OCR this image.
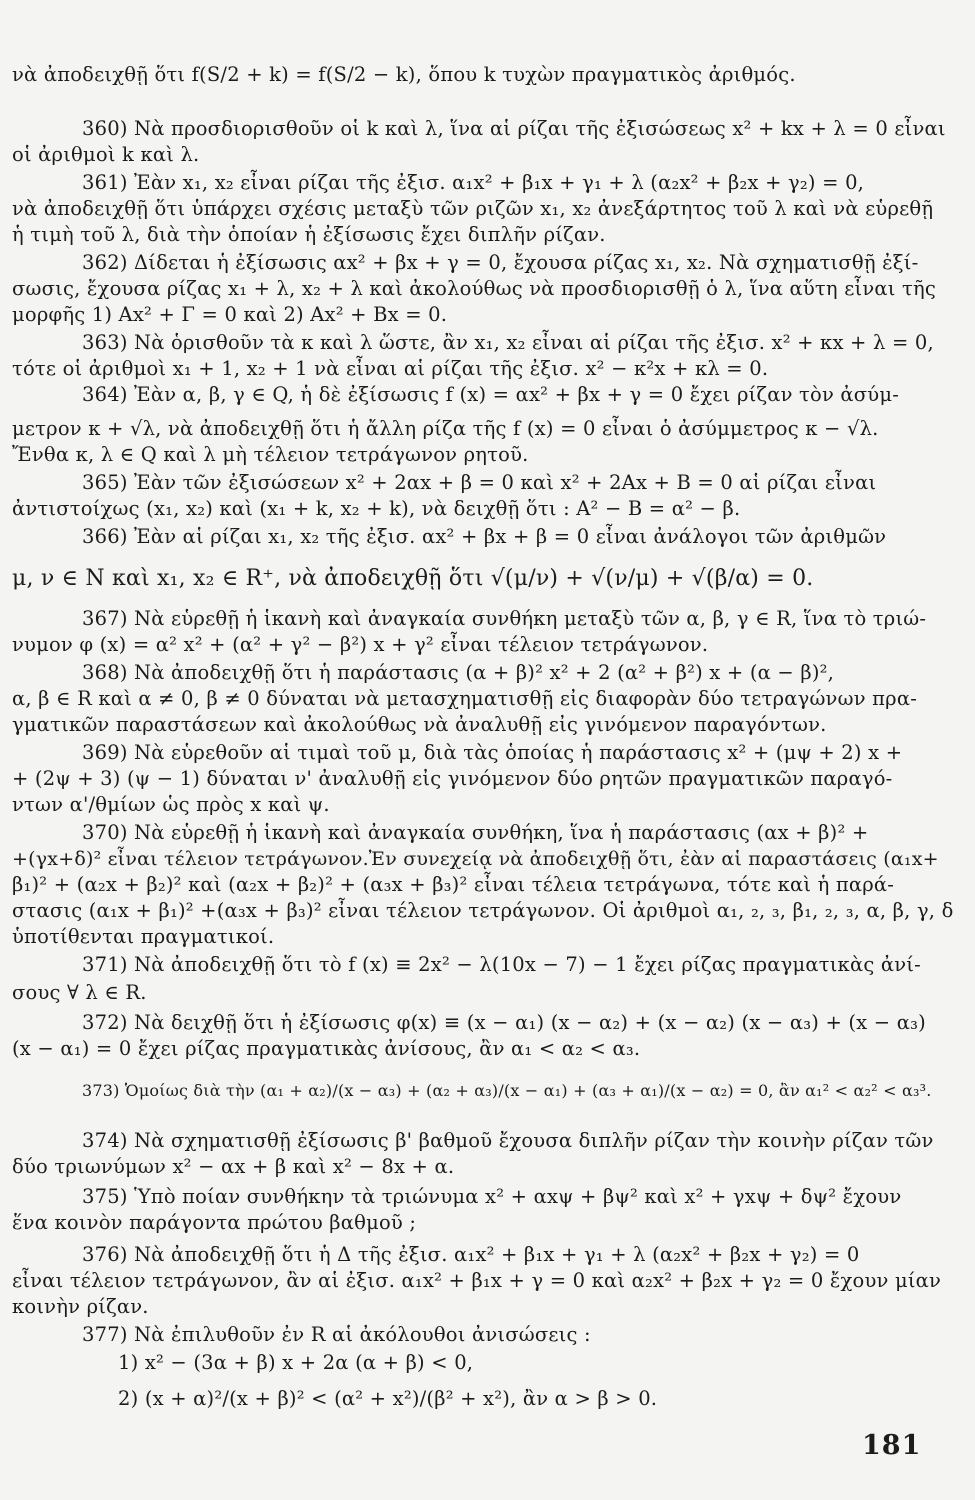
νὰ ἀποδειχθῇ ὅτι f(S/2 + k) = f(S/2 − k), ὅπου k τυχὼν πραγματικὸς ἀριθμός.
360) Νὰ προσδιορισθοῦν οἱ k καὶ λ, ἵνα αἱ ρίζαι τῆς ἐξισώσεως x² + kx + λ = 0 εἶναι
οἱ ἀριθμοὶ k καὶ λ.
361) Ἐὰν x₁, x₂ εἶναι ρίζαι τῆς ἐξισ. α₁x² + β₁x + γ₁ + λ (α₂x² + β₂x + γ₂) = 0,
νὰ ἀποδειχθῇ ὅτι ὑπάρχει σχέσις μεταξὺ τῶν ριζῶν x₁, x₂ ἀνεξάρτητος τοῦ λ καὶ νὰ εὑρεθῇ
ἡ τιμὴ τοῦ λ, διὰ τὴν ὁποίαν ἡ ἐξίσωσις ἔχει διπλῆν ρίζαν.
362) Δίδεται ἡ ἐξίσωσις αx² + βx + γ = 0, ἔχουσα ρίζας x₁, x₂. Νὰ σχηματισθῇ ἐξί-
σωσις, ἔχουσα ρίζας x₁ + λ, x₂ + λ καὶ ἀκολούθως νὰ προσδιορισθῇ ὁ λ, ἵνα αὕτη εἶναι τῆς
μορφῆς 1) Ax² + Γ = 0 καὶ 2) Ax² + Bx = 0.
363) Νὰ ὁρισθοῦν τὰ κ καὶ λ ὥστε, ἂν x₁, x₂ εἶναι αἱ ρίζαι τῆς ἐξισ. x² + κx + λ = 0,
τότε οἱ ἀριθμοὶ x₁ + 1, x₂ + 1 νὰ εἶναι αἱ ρίζαι τῆς ἐξισ. x² − κ²x + κλ = 0.
364) Ἐὰν α, β, γ ∈ Q, ἡ δὲ ἐξίσωσις f (x) = αx² + βx + γ = 0 ἔχει ρίζαν τὸν ἀσύμ-
μετρον κ + √λ, νὰ ἀποδειχθῇ ὅτι ἡ ἄλλη ρίζα τῆς f (x) = 0 εἶναι ὁ ἀσύμμετρος κ − √λ.
Ἔνθα κ, λ ∈ Q καὶ λ μὴ τέλειον τετράγωνον ρητοῦ.
365) Ἐὰν τῶν ἐξισώσεων x² + 2αx + β = 0 καὶ x² + 2Ax + B = 0 αἱ ρίζαι εἶναι
ἀντιστοίχως (x₁, x₂) καὶ (x₁ + k, x₂ + k), νὰ δειχθῇ ὅτι : A² − B = α² − β.
366) Ἐὰν αἱ ρίζαι x₁, x₂ τῆς ἐξισ. αx² + βx + β = 0 εἶναι ἀνάλογοι τῶν ἀριθμῶν
μ, ν ∈ N καὶ x₁, x₂ ∈ R⁺, νὰ ἀποδειχθῇ ὅτι √(μ/ν) + √(ν/μ) + √(β/α) = 0.
367) Νὰ εὑρεθῇ ἡ ἱκανὴ καὶ ἀναγκαία συνθήκη μεταξὺ τῶν α, β, γ ∈ R, ἵνα τὸ τριώ-
νυμον φ (x) = α² x² + (α² + γ² − β²) x + γ² εἶναι τέλειον τετράγωνον.
368) Νὰ ἀποδειχθῇ ὅτι ἡ παράστασις (α + β)² x² + 2 (α² + β²) x + (α − β)²,
α, β ∈ R καὶ α ≠ 0, β ≠ 0 δύναται νὰ μετασχηματισθῇ εἰς διαφορὰν δύο τετραγώνων πρα-
γματικῶν παραστάσεων καὶ ἀκολούθως νὰ ἀναλυθῇ εἰς γινόμενον παραγόντων.
369) Νὰ εὑρεθοῦν αἱ τιμαὶ τοῦ μ, διὰ τὰς ὁποίας ἡ παράστασις x² + (μψ + 2) x +
+ (2ψ + 3) (ψ − 1) δύναται ν' ἀναλυθῇ εἰς γινόμενον δύο ρητῶν πραγματικῶν παραγό-
ντων α'/θμίων ὡς πρὸς x καὶ ψ.
370) Νὰ εὑρεθῇ ἡ ἱκανὴ καὶ ἀναγκαία συνθήκη, ἵνα ἡ παράστασις (αx + β)² +
+(γx+δ)² εἶναι τέλειον τετράγωνον.Ἐν συνεχείᾳ νὰ ἀποδειχθῇ ὅτι, ἐὰν αἱ παραστάσεις (α₁x+
β₁)² + (α₂x + β₂)² καὶ (α₂x + β₂)² + (α₃x + β₃)² εἶναι τέλεια τετράγωνα, τότε καὶ ἡ παρά-
στασις (α₁x + β₁)² +(α₃x + β₃)² εἶναι τέλειον τετράγωνον. Οἱ ἀριθμοὶ α₁, ₂, ₃, β₁, ₂, ₃, α, β, γ, δ
ὑποτίθενται πραγματικοί.
371) Νὰ ἀποδειχθῇ ὅτι τὸ f (x) ≡ 2x² − λ(10x − 7) − 1 ἔχει ρίζας πραγματικὰς ἀνί-
σους ∀ λ ∈ R.
372) Νὰ δειχθῇ ὅτι ἡ ἐξίσωσις φ(x) ≡ (x − α₁) (x − α₂) + (x − α₂) (x − α₃) + (x − α₃)
(x − α₁) = 0 ἔχει ρίζας πραγματικὰς ἀνίσους, ἂν α₁ < α₂ < α₃.
373) Ὁμοίως διὰ τὴν (α₁ + α₂)/(x − α₃) + (α₂ + α₃)/(x − α₁) + (α₃ + α₁)/(x − α₂) = 0, ἂν α₁² < α₂² < α₃³.
374) Νὰ σχηματισθῇ ἐξίσωσις β' βαθμοῦ ἔχουσα διπλῆν ρίζαν τὴν κοινὴν ρίζαν τῶν
δύο τριωνύμων x² − αx + β καὶ x² − 8x + α.
375) Ὑπὸ ποίαν συνθήκην τὰ τριώνυμα x² + αxψ + βψ² καὶ x² + γxψ + δψ² ἔχουν
ἕνα κοινὸν παράγοντα πρώτου βαθμοῦ ;
376) Νὰ ἀποδειχθῇ ὅτι ἡ Δ τῆς ἐξισ. α₁x² + β₁x + γ₁ + λ (α₂x² + β₂x + γ₂) = 0
εἶναι τέλειον τετράγωνον, ἂν αἱ ἐξισ. α₁x² + β₁x + γ = 0 καὶ α₂x² + β₂x + γ₂ = 0 ἔχουν μίαν
κοινὴν ρίζαν.
377) Νὰ ἐπιλυθοῦν ἐν R αἱ ἀκόλουθοι ἀνισώσεις :
1) x² − (3α + β) x + 2α (α + β) < 0,
2) (x + α)²/(x + β)² < (α² + x²)/(β² + x²), ἂν α > β > 0.
181
